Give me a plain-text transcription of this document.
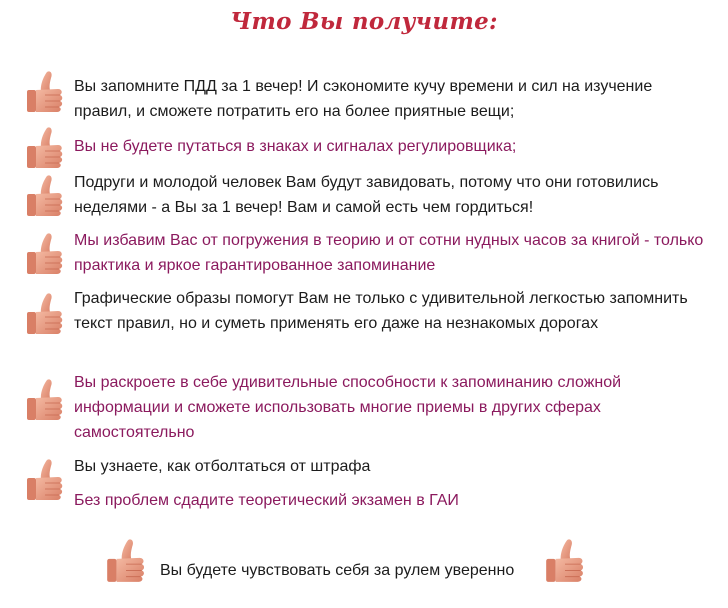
Что Вы получите:
Вы запомните ПДД за 1 вечер! И сэкономите кучу времени и сил на изучение правил, и сможете потратить его на более приятные вещи;
Вы не будете путаться в знаках и сигналах регулировщика;
Подруги и молодой человек Вам будут завидовать, потому что они готовились неделями - а Вы за 1 вечер! Вам и самой есть чем гордиться!
Мы избавим Вас от погружения в теорию и от сотни нудных часов за книгой - только практика и яркое гарантированное запоминание
Графические образы помогут Вам не только с удивительной легкостью запомнить текст правил, но и суметь применять его даже на незнакомых дорогах
Вы раскроете в себе удивительные способности к запоминанию сложной информации и сможете использовать многие приемы в других сферах самостоятельно
Вы узнаете, как отболтаться от штрафа
Без проблем сдадите теоретический экзамен в ГАИ
Вы будете чувствовать себя за рулем уверенно
